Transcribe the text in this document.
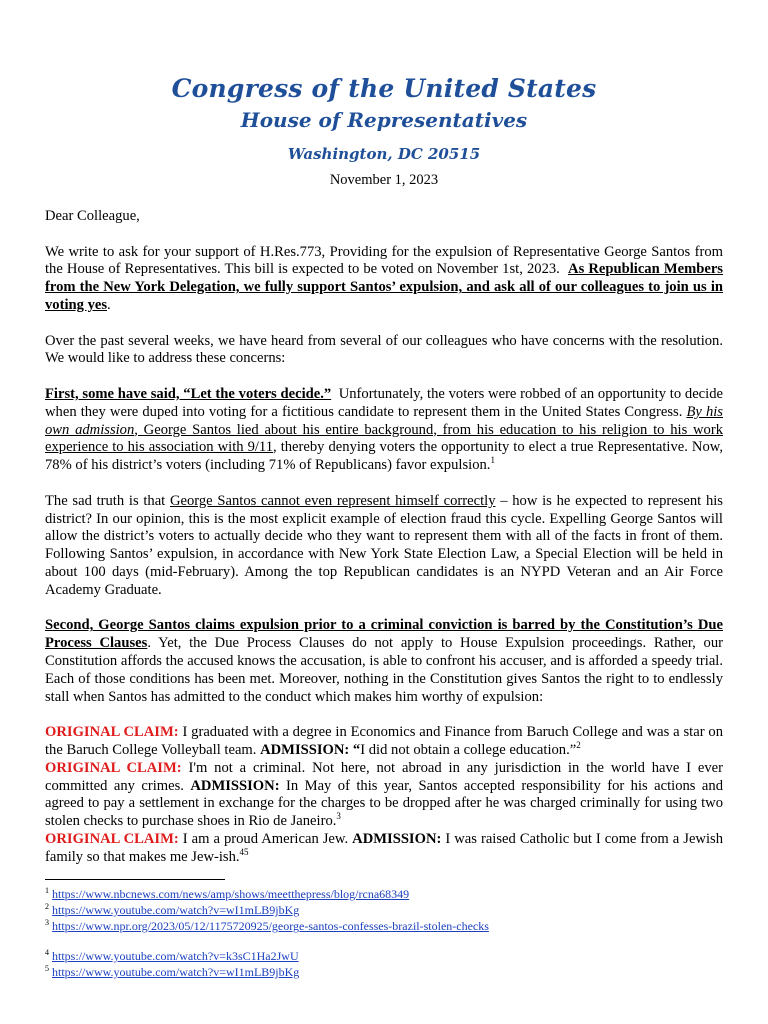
Congress of the United States
House of Representatives
Washington, DC 20515
November 1, 2023

Dear Colleague,

We write to ask for your support of H.Res.773, Providing for the expulsion of Representative George Santos from the House of Representatives. This bill is expected to be voted on November 1st, 2023. As Republican Members from the New York Delegation, we fully support Santos’ expulsion, and ask all of our colleagues to join us in voting yes.

Over the past several weeks, we have heard from several of our colleagues who have concerns with the resolution. We would like to address these concerns:

First, some have said, “Let the voters decide.” Unfortunately, the voters were robbed of an opportunity to decide when they were duped into voting for a fictitious candidate to represent them in the United States Congress. By his own admission, George Santos lied about his entire background, from his education to his religion to his work experience to his association with 9/11, thereby denying voters the opportunity to elect a true Representative. Now, 78% of his district’s voters (including 71% of Republicans) favor expulsion.$^1$

The sad truth is that George Santos cannot even represent himself correctly – how is he expected to represent his district? In our opinion, this is the most explicit example of election fraud this cycle. Expelling George Santos will allow the district’s voters to actually decide who they want to represent them with all of the facts in front of them. Following Santos’ expulsion, in accordance with New York State Election Law, a Special Election will be held in about 100 days (mid-February). Among the top Republican candidates is an NYPD Veteran and an Air Force Academy Graduate.

Second, George Santos claims expulsion prior to a criminal conviction is barred by the Constitution’s Due Process Clauses. Yet, the Due Process Clauses do not apply to House Expulsion proceedings. Rather, our Constitution affords the accused knows the accusation, is able to confront his accuser, and is afforded a speedy trial. Each of those conditions has been met. Moreover, nothing in the Constitution gives Santos the right to to endlessly stall when Santos has admitted to the conduct which makes him worthy of expulsion:

ORIGINAL CLAIM: I graduated with a degree in Economics and Finance from Baruch College and was a star on the Baruch College Volleyball team. ADMISSION: “I did not obtain a college education.”$^2$

ORIGINAL CLAIM: I'm not a criminal. Not here, not abroad in any jurisdiction in the world have I ever committed any crimes. ADMISSION: In May of this year, Santos accepted responsibility for his actions and agreed to pay a settlement in exchange for the charges to be dropped after he was charged criminally for using two stolen checks to purchase shoes in Rio de Janeiro.$^3$

ORIGINAL CLAIM: I am a proud American Jew. ADMISSION: I was raised Catholic but I come from a Jewish family so that makes me Jew-ish.$^{45}$

$^1$ https://www.nbcnews.com/news/amp/shows/meetthepress/blog/rcna68349
$^2$ https://www.youtube.com/watch?v=wI1mLB9jbKg
$^3$ https://www.npr.org/2023/05/12/1175720925/george-santos-confesses-brazil-stolen-checks
$^4$ https://www.youtube.com/watch?v=k3sC1Ha2JwU
$^5$ https://www.youtube.com/watch?v=wI1mLB9jbKg
